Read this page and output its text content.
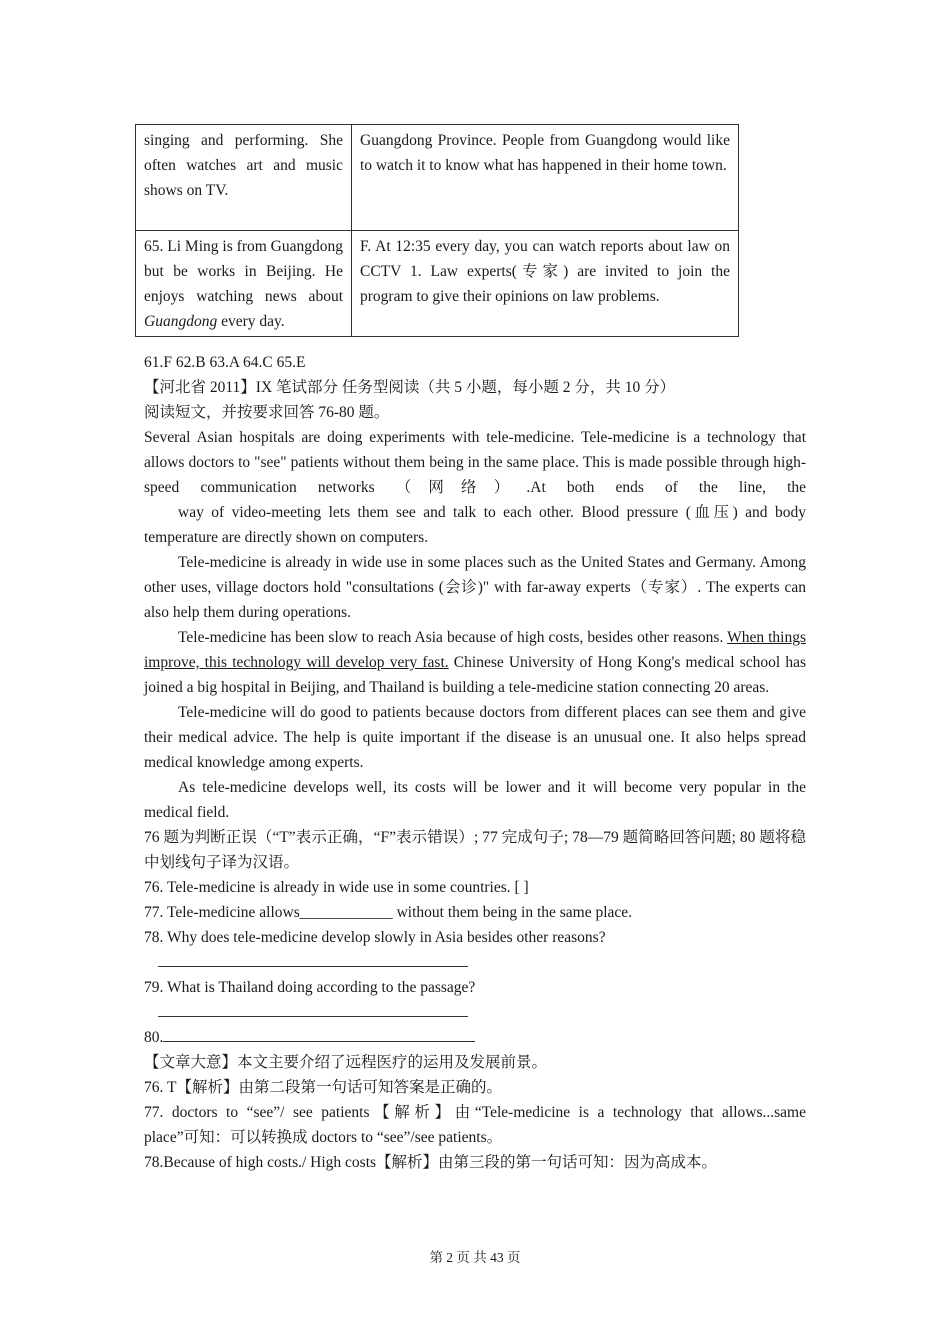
singing and performing. She often watches art and music shows on TV.	Guangdong Province. People from Guangdong would like to watch it to know what has happened in their home town.

65. Li Ming is from Guangdong but be works in Beijing. He enjoys watching news about Guangdong every day.	F. At 12:35 every day, you can watch reports about law on CCTV 1. Law experts(专家) are invited to join the program to give their opinions on law problems.
61.F 62.B 63.A 64.C 65.E
【河北省 2011】IX 笔试部分 任务型阅读（共 5 小题，每小题 2 分，共 10 分）
阅读短文，并按要求回答 76-80 题。
Several Asian hospitals are doing experiments with tele-medicine. Tele-medicine is a technology that allows doctors to "see" patients without them being in the same place. This is made possible through high-speed communication networks （网络）.At both ends of the line, the
way of video-meeting lets them see and talk to each other. Blood pressure (血压) and body temperature are directly shown on computers.
Tele-medicine is already in wide use in some places such as the United States and Germany. Among other uses, village doctors hold "consultations (会诊)" with far-away experts（专家）. The experts can also help them during operations.
Tele-medicine has been slow to reach Asia because of high costs, besides other reasons. When things improve, this technology will develop very fast. Chinese University of Hong Kong's medical school has joined a big hospital in Beijing, and Thailand is building a tele-medicine station connecting 20 areas.
Tele-medicine will do good to patients because doctors from different places can see them and give their medical advice. The help is quite important if the disease is an unusual one. It also helps spread medical knowledge among experts.
As tele-medicine develops well, its costs will be lower and it will become very popular in the medical field.
76 题为判断正误（“T”表示正确，“F”表示错误）; 77 完成句子; 78—79 题简略回答问题; 80 题将稳中划线句子译为汉语。
76. Tele-medicine is already in wide use in some countries. [ ]
77. Tele-medicine allows____________ without them being in the same place.
78. Why does tele-medicine develop slowly in Asia besides other reasons?
79. What is Thailand doing according to the passage?
80.
【文章大意】本文主要介绍了远程医疗的运用及发展前景。
76. T【解析】由第二段第一句话可知答案是正确的。
77. doctors to “see”/ see patients【解析】由“Tele-medicine is a technology that allows...same
place”可知：可以转换成 doctors to “see”/see patients。
78.Because of high costs./ High costs【解析】由第三段的第一句话可知：因为高成本。
第 2 页 共 43 页
